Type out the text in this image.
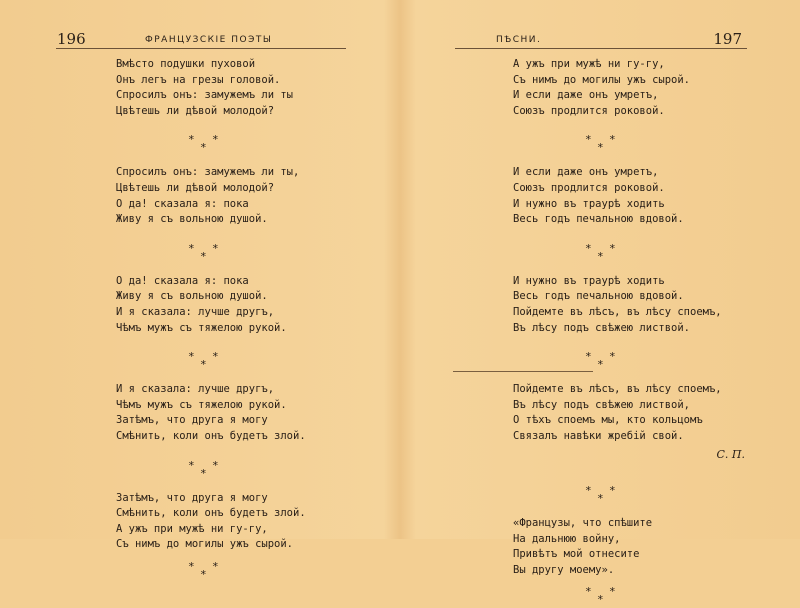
196	ФРАНЦУЗСКІЕ ПОЭТЫ
Вмѣсто подушки пуховой
Онъ легъ на грезы головой.
Спросилъ онъ: замужемъ ли ты
Цвѣтешь ли дѣвой молодой?
* *
*
Спросилъ онъ: замужемъ ли ты,
Цвѣтешь ли дѣвой молодой?
О да! сказала я: пока
Живу я съ вольною душой.
* *
*
О да! сказала я: пока
Живу я съ вольною душой.
И я сказала: лучше другъ,
Чѣмъ мужъ съ тяжелою рукой.
* *
*
И я сказала: лучше другъ,
Чѣмъ мужъ съ тяжелою рукой.
Затѣмъ, что друга я могу
Смѣнить, коли онъ будетъ злой.
* *
*
Затѣмъ, что друга я могу
Смѣнить, коли онъ будетъ злой.
А ужъ при мужѣ ни гу-гу,
Съ нимъ до могилы ужъ сырой.
* *
*
ПѢСНИ.	197
А ужъ при мужѣ ни гу-гу,
Съ нимъ до могилы ужъ сырой.
И если даже онъ умретъ,
Союзъ продлится роковой.
* *
*
И если даже онъ умретъ,
Союзъ продлится роковой.
И нужно въ траурѣ ходить
Весь годъ печальною вдовой.
* *
*
И нужно въ траурѣ ходить
Весь годъ печальною вдовой.
Пойдемте въ лѣсъ, въ лѣсу споемъ,
Въ лѣсу подъ свѣжею листвой.
* *
*
Пойдемте въ лѣсъ, въ лѣсу споемъ,
Въ лѣсу подъ свѣжею листвой,
О тѣхъ споемъ мы, кто кольцомъ
Связалъ навѣки жребій свой.
С. П.
* *
*
«Французы, что спѣшите
На дальнюю войну,
Привѣтъ мой отнесите
Вы другу моему».
* *
*
